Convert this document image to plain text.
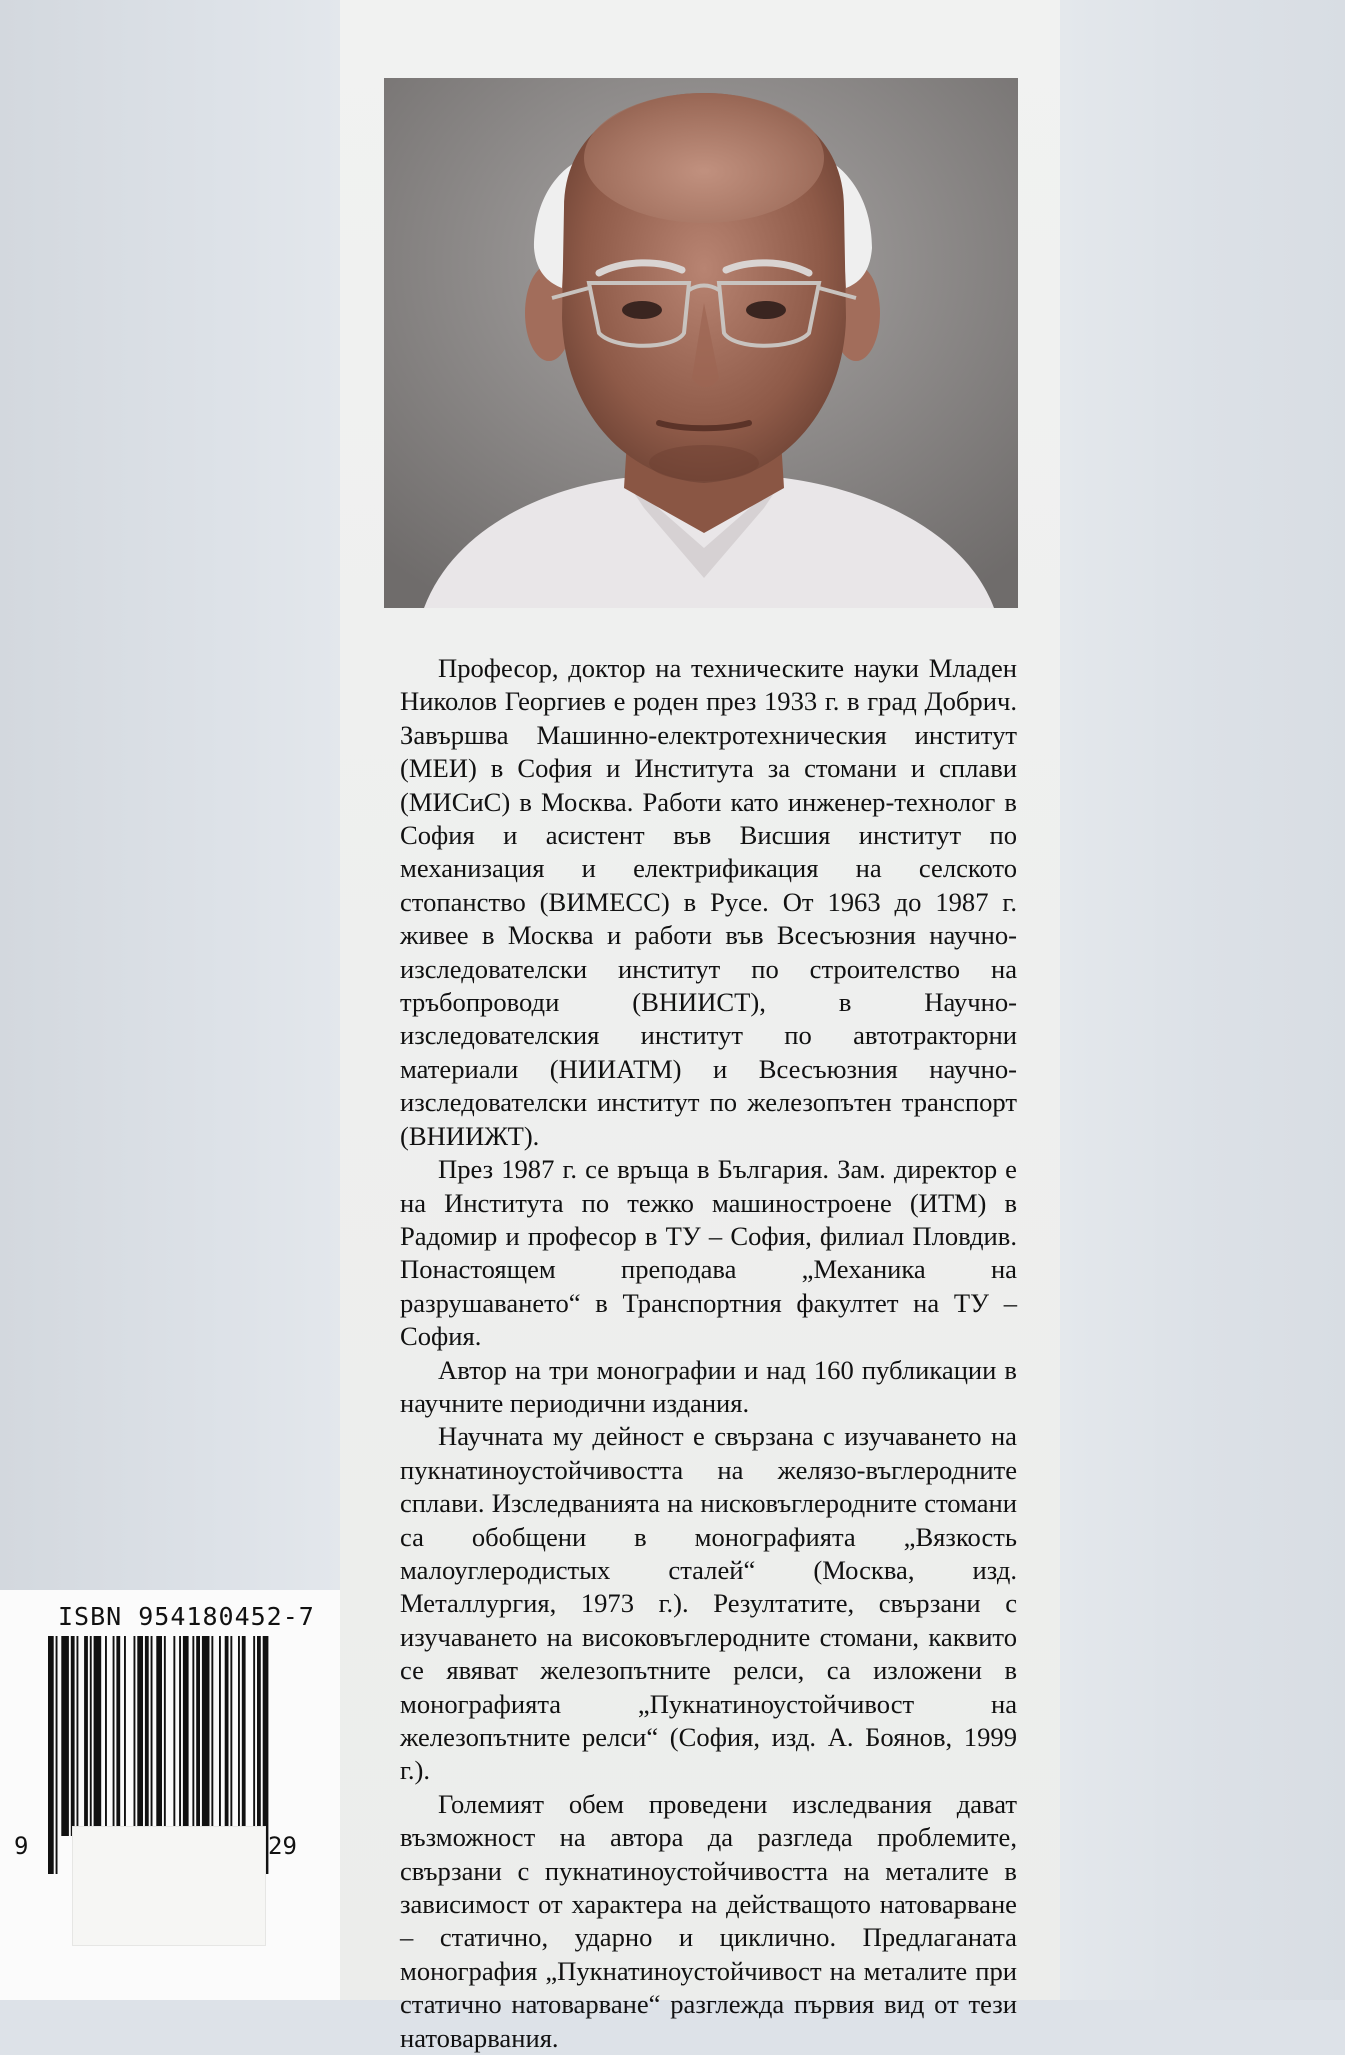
Професор, доктор на техническите науки Младен Николов Георгиев е роден през 1933 г. в град Добрич. Завършва Машинно-електротехническия институт (МЕИ) в София и Института за стомани и сплави (МИСиС) в Москва. Работи като инженер-технолог в София и асистент във Висшия институт по механизация и електрификация на селското стопанство (ВИМЕСС) в Русе. От 1963 до 1987 г. живее в Москва и работи във Всесъюзния научно-изследователски институт по строителство на тръбопроводи (ВНИИСТ), в Научно-изследователския институт по автотракторни материали (НИИАТМ) и Всесъюзния научно-изследователски институт по железопътен транспорт (ВНИИЖТ).

През 1987 г. се връща в България. Зам. директор е на Института по тежко машиностроене (ИТМ) в Радомир и професор в ТУ – София, филиал Пловдив. Понастоящем преподава „Механика на разрушаването“ в Транспортния факултет на ТУ – София.

Автор на три монографии и над 160 публикации в научните периодични издания.

Научната му дейност е свързана с изучаването на пукнатиноустойчивостта на желязо-въглеродните сплави. Изследванията на нисковъглеродните стомани са обобщени в монографията „Вязкость малоуглеродистых сталей“ (Москва, изд. Металлургия, 1973 г.). Резултатите, свързани с изучаването на високовъглеродните стомани, каквито се явяват железопътните релси, са изложени в монографията „Пукнатиноустойчивост на железопътните релси“ (София, изд. А. Боянов, 1999 г.).

Големият обем проведени изследвания дават възможност на автора да разгледа проблемите, свързани с пукнатиноустойчивостта на металите в зависимост от характера на действащото натоварване – статично, ударно и циклично. Предлаганата монография „Пукнатиноустойчивост на металите при статично натоварване“ разглежда първия вид от тези натоварвания.

ISBN 954180452-7
9	29
